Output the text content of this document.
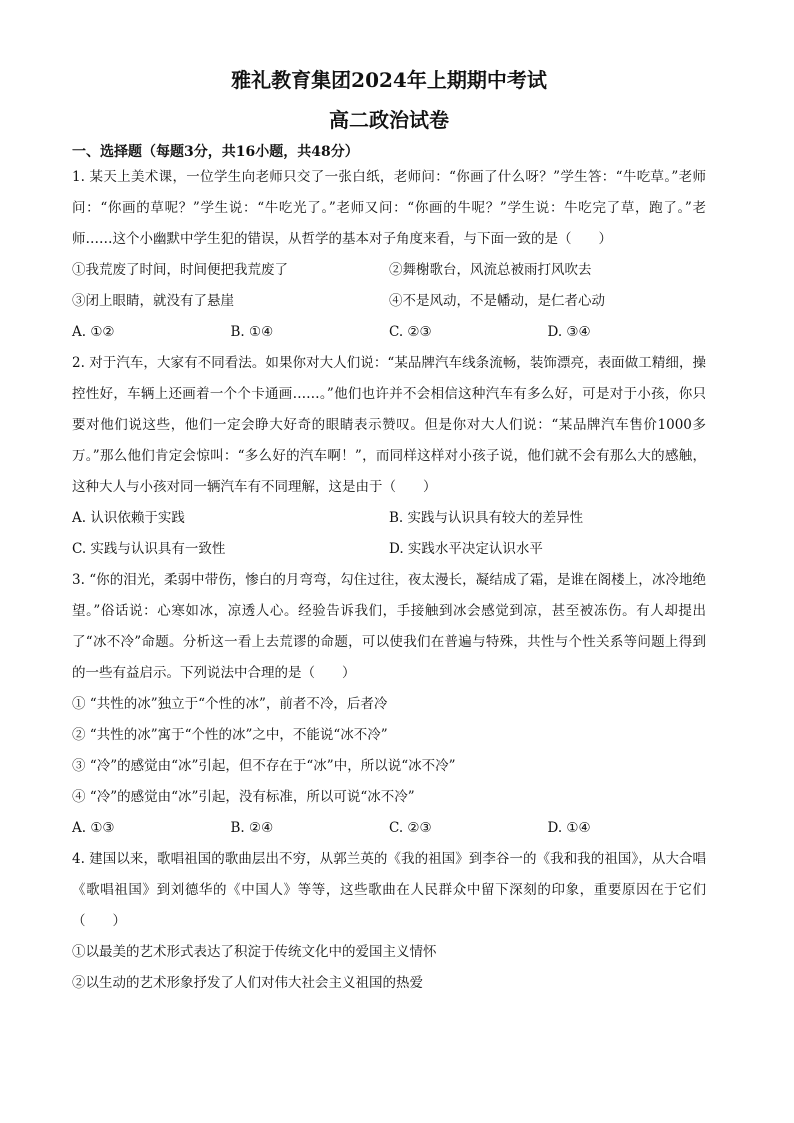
雅礼教育集团2024年上期期中考试
高二政治试卷
一、选择题（每题3分，共16小题，共48分）
1. 某天上美术课，一位学生向老师只交了一张白纸，老师问：“你画了什么呀？”学生答：“牛吃草。”老师问：“你画的草呢？”学生说：“牛吃光了。”老师又问：“你画的牛呢？”学生说：牛吃完了草，跑了。”老师……这个小幽默中学生犯的错误，从哲学的基本对子角度来看，与下面一致的是（　　）
①我荒废了时间，时间便把我荒废了	②舞榭歌台，风流总被雨打风吹去
③闭上眼睛，就没有了悬崖	④不是风动，不是幡动，是仁者心动
A. ①②	B. ①④	C. ②③	D. ③④
2. 对于汽车，大家有不同看法。如果你对大人们说：“某品牌汽车线条流畅，装饰漂亮，表面做工精细，操控性好，车辆上还画着一个个卡通画……。”他们也许并不会相信这种汽车有多么好，可是对于小孩，你只要对他们说这些，他们一定会睁大好奇的眼睛表示赞叹。但是你对大人们说：“某品牌汽车售价1000多万。”那么他们肯定会惊叫：“多么好的汽车啊！”，而同样这样对小孩子说，他们就不会有那么大的感触，这种大人与小孩对同一辆汽车有不同理解，这是由于（　　）
A. 认识依赖于实践	B. 实践与认识具有较大的差异性
C. 实践与认识具有一致性	D. 实践水平决定认识水平
3. “你的泪光，柔弱中带伤，惨白的月弯弯，勾住过往，夜太漫长，凝结成了霜，是谁在阁楼上，冰冷地绝望。”俗话说：心寒如冰，凉透人心。经验告诉我们，手接触到冰会感觉到凉，甚至被冻伤。有人却提出了“冰不冷”命题。分析这一看上去荒谬的命题，可以使我们在普遍与特殊，共性与个性关系等问题上得到的一些有益启示。下列说法中合理的是（　　）
① “共性的冰”独立于“个性的冰”，前者不冷，后者冷
② “共性的冰”寓于“个性的冰”之中，不能说“冰不冷”
③ “冷”的感觉由“冰”引起，但不存在于“冰”中，所以说“冰不冷”
④ “冷”的感觉由“冰”引起，没有标准，所以可说“冰不冷”
A. ①③	B. ②④	C. ②③	D. ①④
4. 建国以来，歌唱祖国的歌曲层出不穷，从郭兰英的《我的祖国》到李谷一的《我和我的祖国》，从大合唱《歌唱祖国》到刘德华的《中国人》等等，这些歌曲在人民群众中留下深刻的印象，重要原因在于它们（　　）
①以最美的艺术形式表达了积淀于传统文化中的爱国主义情怀
②以生动的艺术形象抒发了人们对伟大社会主义祖国的热爱
